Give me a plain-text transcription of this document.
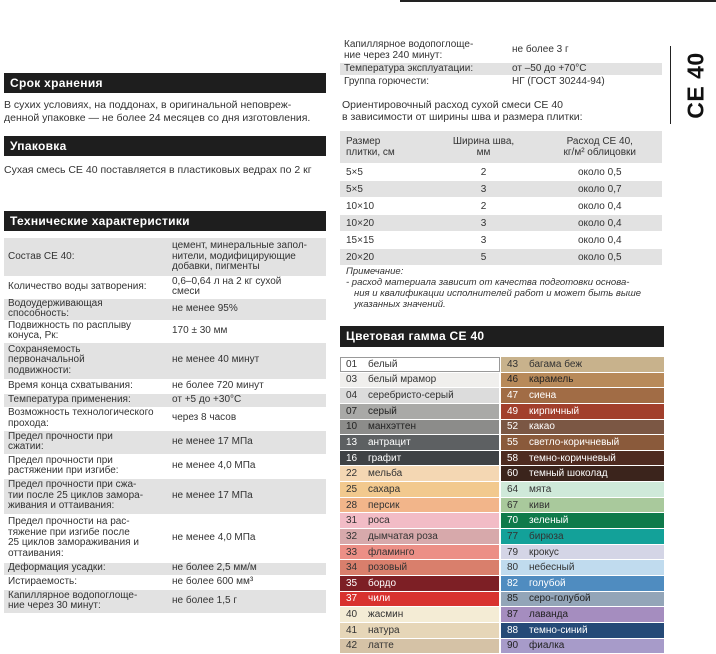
CE 40
Срок хранения
В сухих условиях, на поддонах, в оригинальной неповреж-
денной упаковке — не более 24 месяцев со дня изготовления.
Упаковка
Сухая смесь CE 40 поставляется в пластиковых ведрах по 2 кг
Технические характеристики
Состав CE 40:	цемент, минеральные запол-
нители, модифицирующие
добавки, пигменты
Количество воды затворения:	0,6–0,64 л на 2 кг сухой
смеси
Водоудерживающая
способность:	не менее 95%
Подвижность по расплыву
конуса, Pк:	170 ± 30 мм
Сохраняемость
первоначальной
подвижности:	не менее 40 минут
Время конца схватывания:	не более 720 минут
Температура применения:	от +5 до +30°C
Возможность технологического
прохода:	через 8 часов
Предел прочности при
сжатии:	не менее 17 МПа
Предел прочности при
растяжении при изгибе:	не менее 4,0 МПа
Предел прочности при сжа-
тии после 25 циклов заморa-
живания и оттаивания:	не менее 17 МПа
Предел прочности на рас-
тяжение при изгибе после
25 циклов замораживания и
оттаивания:	не менее 4,0 МПа
Деформация усадки:	не более 2,5 мм/м
Истираемость:	не более 600 мм³
Капиллярное водопоглоще-
ние через 30 минут:	не более 1,5 г
Капиллярное водопоглоще-
ние через 240 минут:	не более 3 г
Температура эксплуатации:	от –50 до +70°C
Группа горючести:	НГ (ГОСТ 30244-94)
Ориентировочный расход сухой смеси CE 40
в зависимости от ширины шва и размера плитки:
Размер
плитки, см	Ширина шва,
мм	Расход CE 40,
кг/м² облицовки
5×5	2	около 0,5
5×5	3	около 0,7
10×10	2	около 0,4
10×20	3	около 0,4
15×15	3	около 0,4
20×20	5	около 0,5
Примечание:
- расход материала зависит от качества подготовки основа-
ния и квалификации исполнителей работ и может быть выше
указанных значений.
Цветовая гамма CE 40
01 белый	43 багама беж
03 белый мрамор	46 карамель
04 серебристо-серый	47 сиена
07 серый	49 кирпичный
10 манхэттен	52 какао
13 антрацит	55 светло-коричневый
16 графит	58 темно-коричневый
22 мельба	60 темный шоколад
25 сахара	64 мята
28 персик	67 киви
31 роса	70 зеленый
32 дымчатая роза	77 бирюза
33 фламинго	79 крокус
34 розовый	80 небесный
35 бордо	82 голубой
37 чили	85 серо-голубой
40 жасмин	87 лаванда
41 натура	88 темно-синий
42 латте	90 фиалка
